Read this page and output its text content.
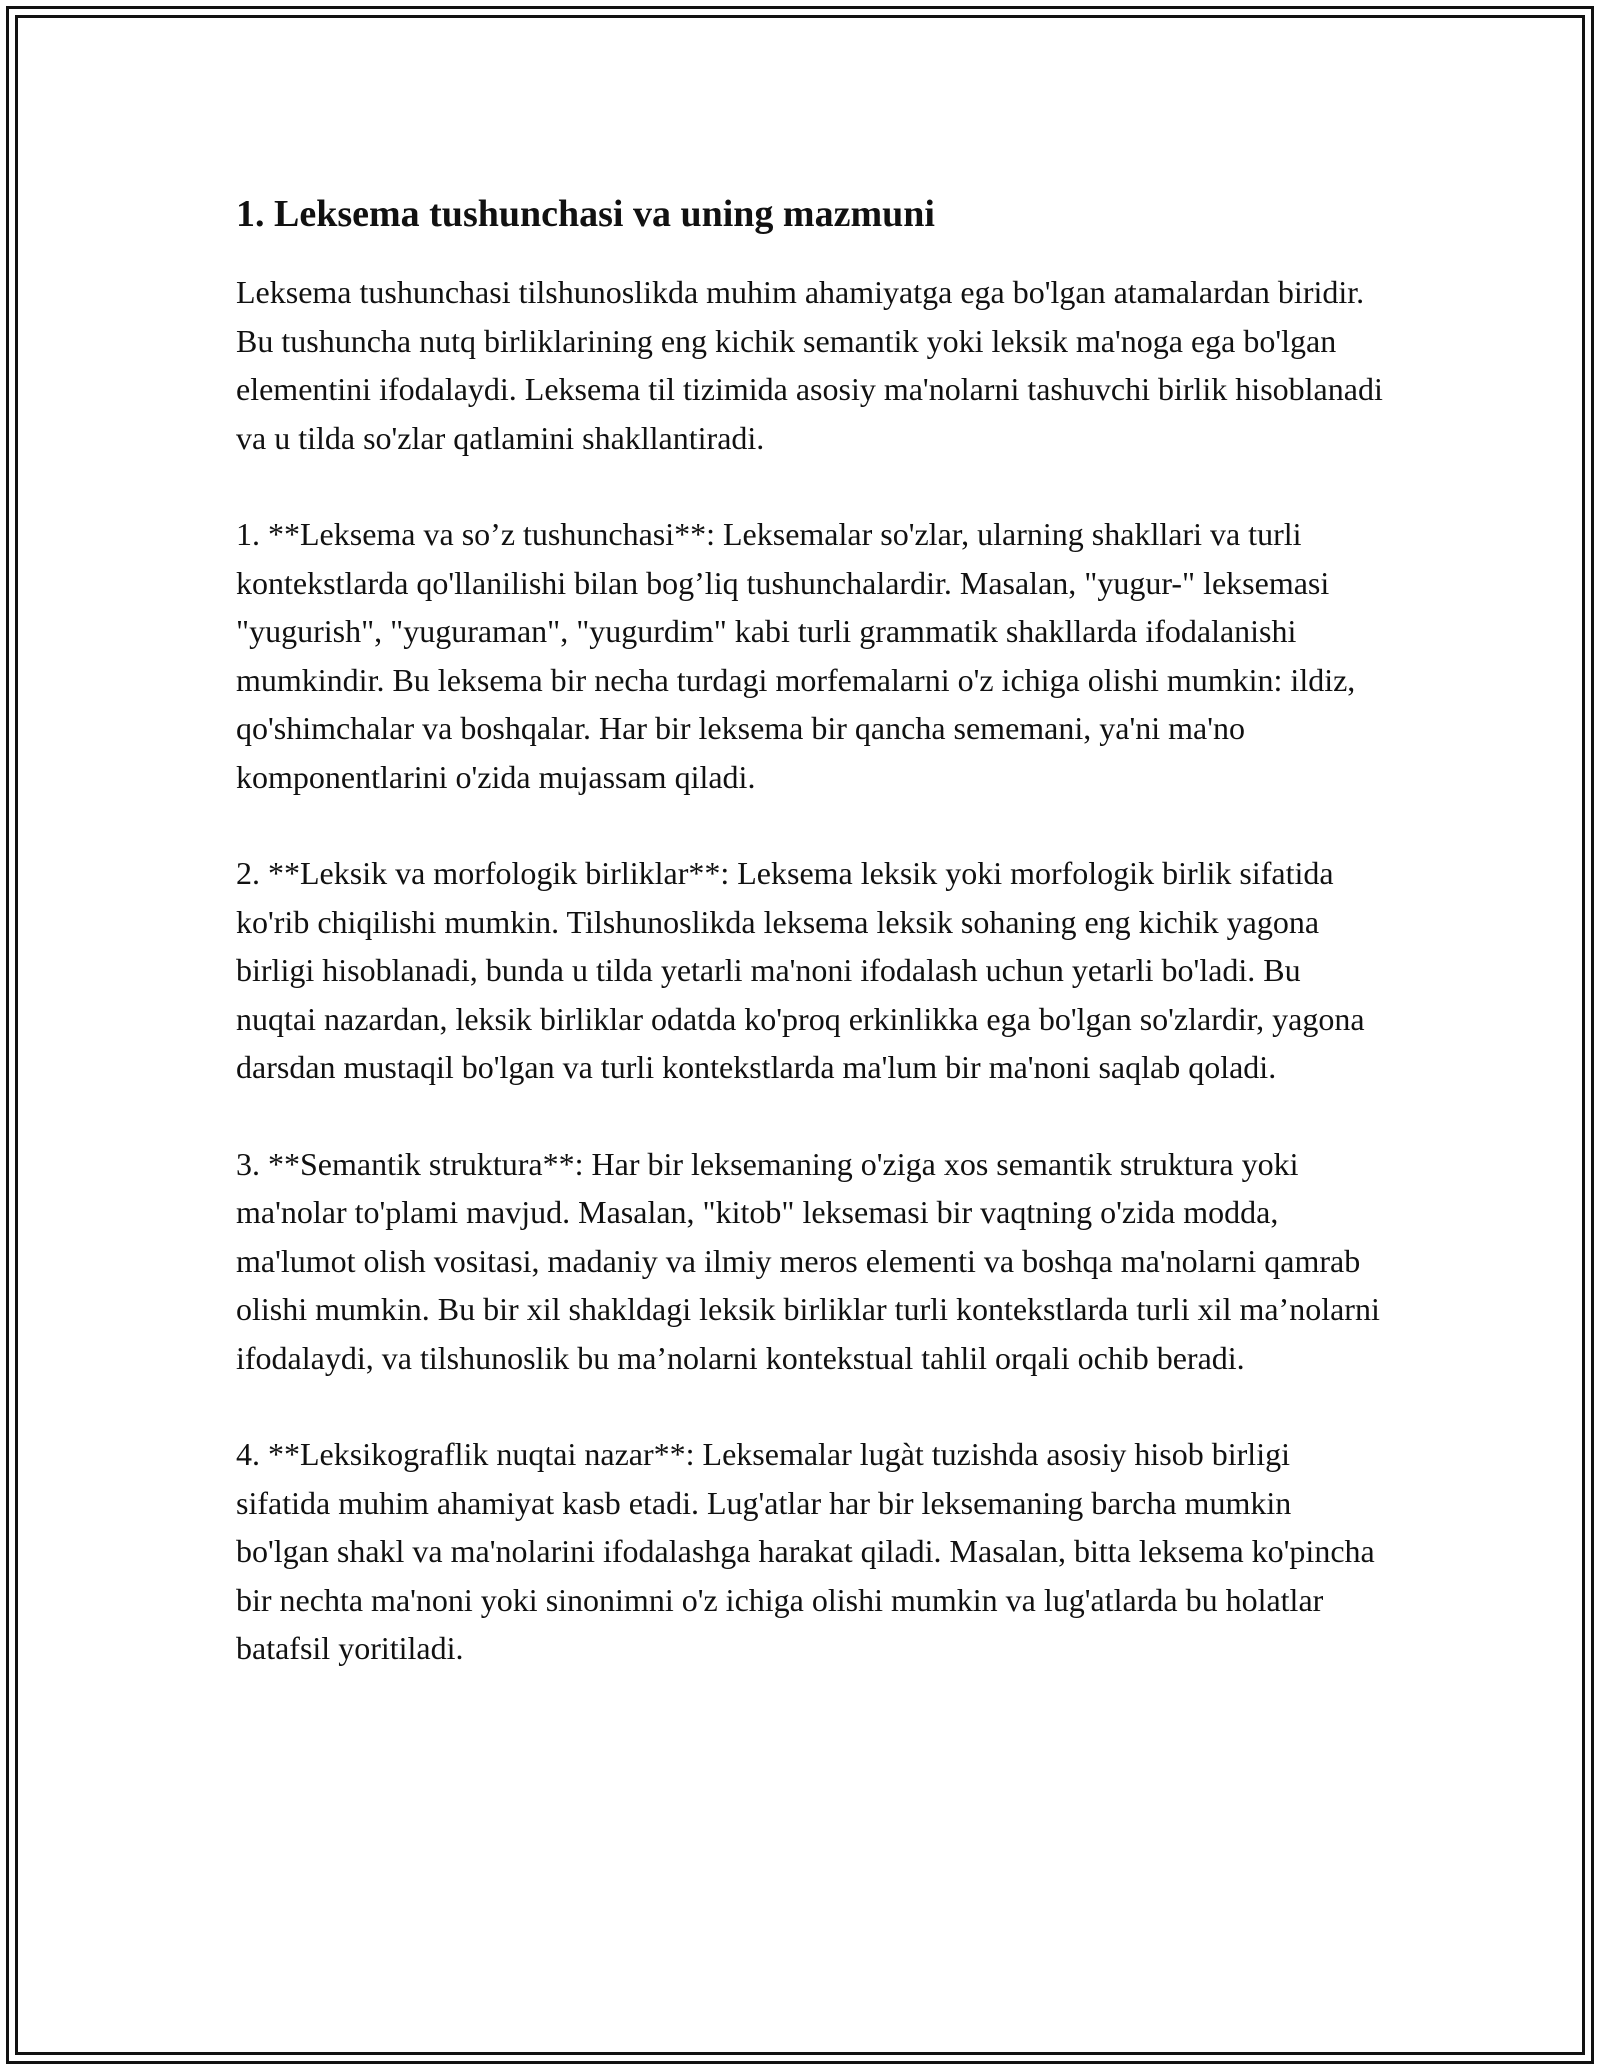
1. Leksema tushunchasi va uning mazmuni

Leksema tushunchasi tilshunoslikda muhim ahamiyatga ega bo'lgan atamalardan biridir. Bu tushuncha nutq birliklarining eng kichik semantik yoki leksik ma'noga ega bo'lgan elementini ifodalaydi. Leksema til tizimida asosiy ma'nolarni tashuvchi birlik hisoblanadi va u tilda so'zlar qatlamini shakllantiradi.

1. **Leksema va so’z tushunchasi**: Leksemalar so'zlar, ularning shakllari va turli kontekstlarda qo'llanilishi bilan bog’liq tushunchalardir. Masalan, "yugur-" leksemasi "yugurish", "yuguraman", "yugurdim" kabi turli grammatik shakllarda ifodalanishi mumkindir. Bu leksema bir necha turdagi morfemalarni o'z ichiga olishi mumkin: ildiz, qo'shimchalar va boshqalar. Har bir leksema bir qancha sememani, ya'ni ma'no komponentlarini o'zida mujassam qiladi.

2. **Leksik va morfologik birliklar**: Leksema leksik yoki morfologik birlik sifatida ko'rib chiqilishi mumkin. Tilshunoslikda leksema leksik sohaning eng kichik yagona birligi hisoblanadi, bunda u tilda yetarli ma'noni ifodalash uchun yetarli bo'ladi. Bu nuqtai nazardan, leksik birliklar odatda ko'proq erkinlikka ega bo'lgan so'zlardir, yagona darsdan mustaqil bo'lgan va turli kontekstlarda ma'lum bir ma'noni saqlab qoladi.

3. **Semantik struktura**: Har bir leksemaning o'ziga xos semantik struktura yoki ma'nolar to'plami mavjud. Masalan, "kitob" leksemasi bir vaqtning o'zida modda, ma'lumot olish vositasi, madaniy va ilmiy meros elementi va boshqa ma'nolarni qamrab olishi mumkin. Bu bir xil shakldagi leksik birliklar turli kontekstlarda turli xil ma’nolarni ifodalaydi, va tilshunoslik bu ma’nolarni kontekstual tahlil orqali ochib beradi.

4. **Leksikograflik nuqtai nazar**: Leksemalar lugàt tuzishda asosiy hisob birligi sifatida muhim ahamiyat kasb etadi. Lug'atlar har bir leksemaning barcha mumkin bo'lgan shakl va ma'nolarini ifodalashga harakat qiladi. Masalan, bitta leksema ko'pincha bir nechta ma'noni yoki sinonimni o'z ichiga olishi mumkin va lug'atlarda bu holatlar batafsil yoritiladi.
